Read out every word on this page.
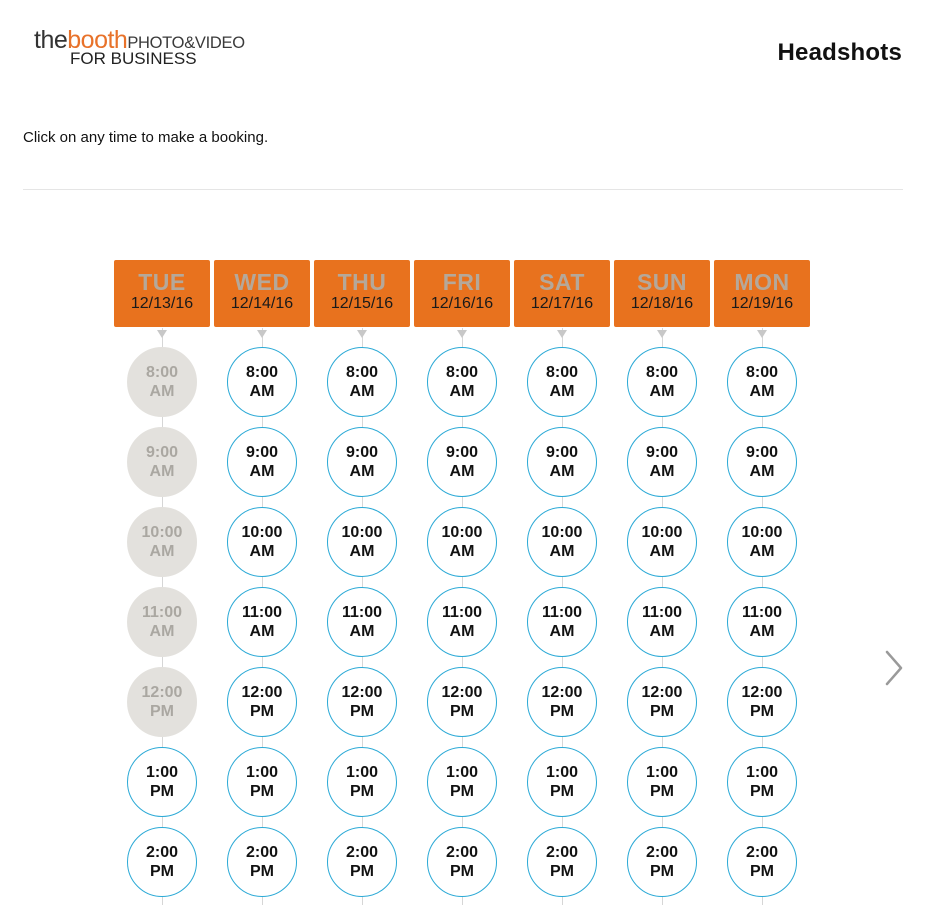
theboothPHOTO&VIDEO
FOR BUSINESS	Headshots
Click on any time to make a booking.
TUE
12/13/16
8:00
AM
9:00
AM
10:00
AM
11:00
AM
12:00
PM
1:00
PM
2:00
PM
WED
12/14/16
8:00
AM
9:00
AM
10:00
AM
11:00
AM
12:00
PM
1:00
PM
2:00
PM
THU
12/15/16
8:00
AM
9:00
AM
10:00
AM
11:00
AM
12:00
PM
1:00
PM
2:00
PM
FRI
12/16/16
8:00
AM
9:00
AM
10:00
AM
11:00
AM
12:00
PM
1:00
PM
2:00
PM
SAT
12/17/16
8:00
AM
9:00
AM
10:00
AM
11:00
AM
12:00
PM
1:00
PM
2:00
PM
SUN
12/18/16
8:00
AM
9:00
AM
10:00
AM
11:00
AM
12:00
PM
1:00
PM
2:00
PM
MON
12/19/16
8:00
AM
9:00
AM
10:00
AM
11:00
AM
12:00
PM
1:00
PM
2:00
PM
